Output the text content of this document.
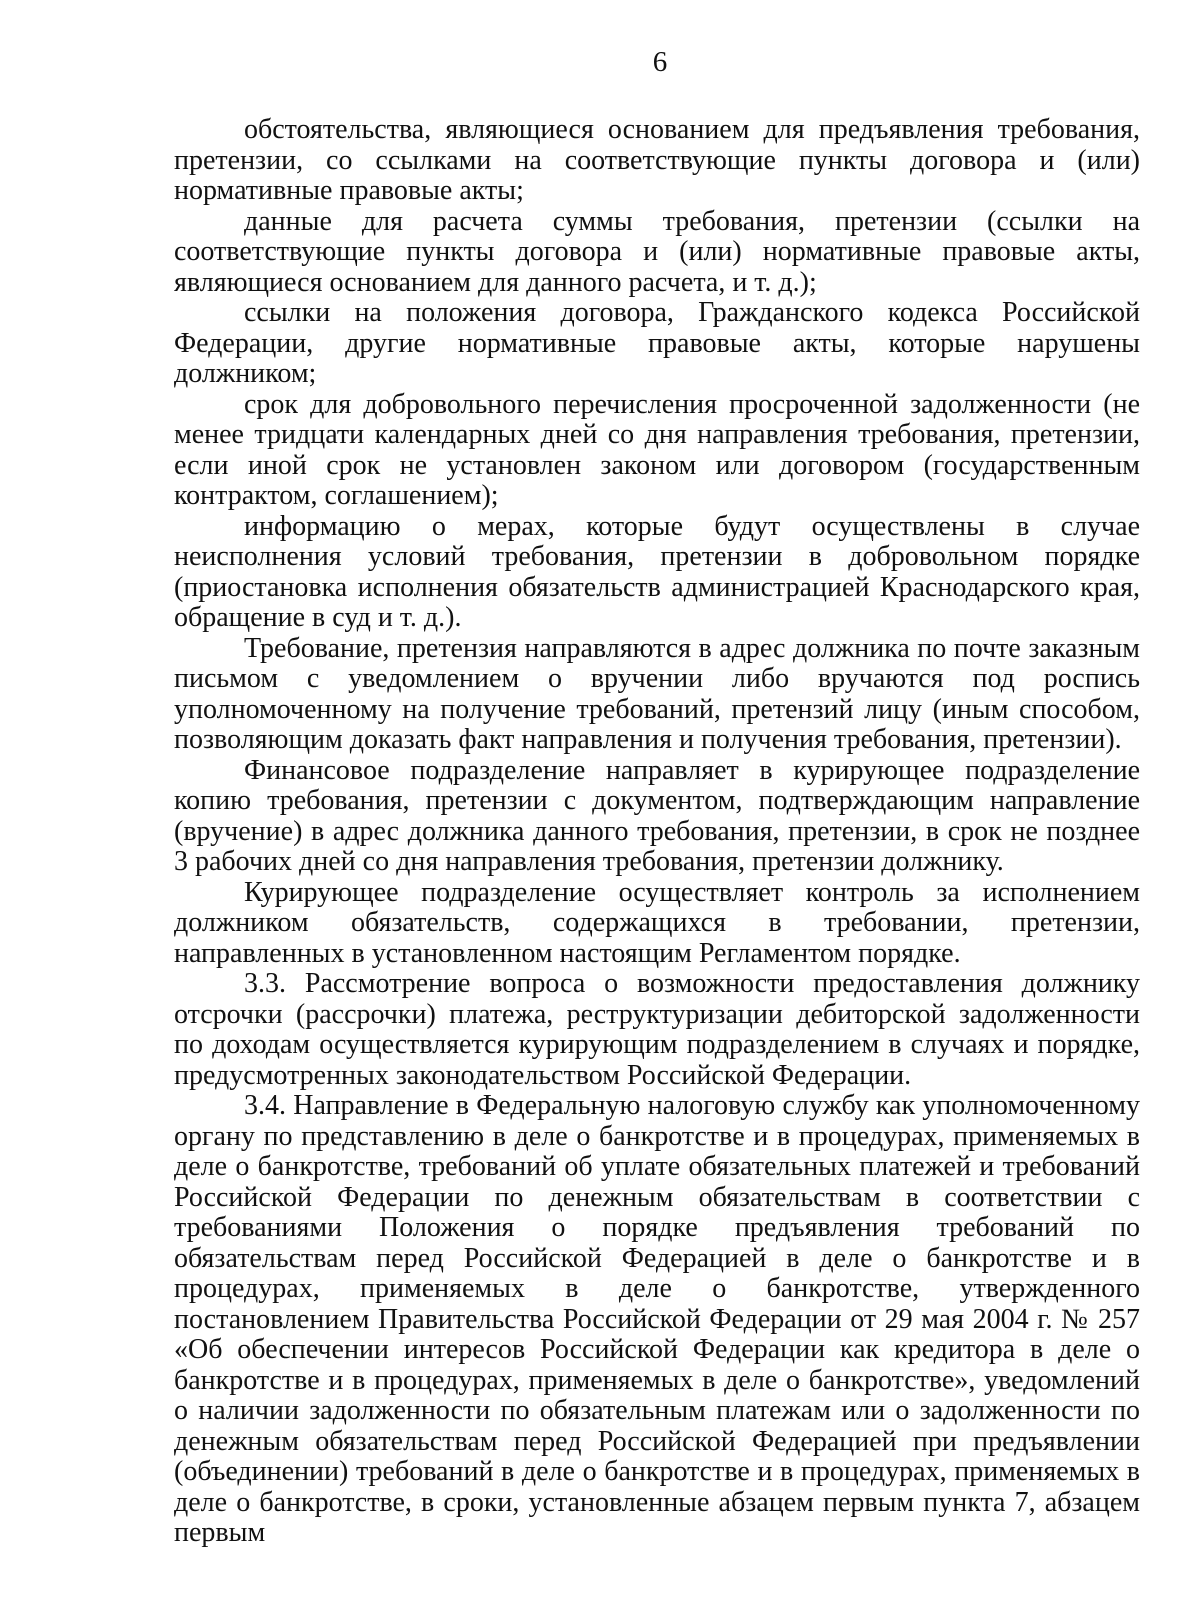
6

обстоятельства, являющиеся основанием для предъявления требования, претензии, со ссылками на соответствующие пункты договора и (или) нормативные правовые акты;

данные для расчета суммы требования, претензии (ссылки на соответствующие пункты договора и (или) нормативные правовые акты, являющиеся основанием для данного расчета, и т. д.);

ссылки на положения договора, Гражданского кодекса Российской Федерации, другие нормативные правовые акты, которые нарушены должником;

срок для добровольного перечисления просроченной задолженности (не менее тридцати календарных дней со дня направления требования, претензии, если иной срок не установлен законом или договором (государственным контрактом, соглашением);

информацию о мерах, которые будут осуществлены в случае неисполнения условий требования, претензии в добровольном порядке (приостановка исполнения обязательств администрацией Краснодарского края, обращение в суд и т. д.).

Требование, претензия направляются в адрес должника по почте заказным письмом с уведомлением о вручении либо вручаются под роспись уполномоченному на получение требований, претензий лицу (иным способом, позволяющим доказать факт направления и получения требования, претензии).

Финансовое подразделение направляет в курирующее подразделение копию требования, претензии с документом, подтверждающим направление (вручение) в адрес должника данного требования, претензии, в срок не позднее 3 рабочих дней со дня направления требования, претензии должнику.

Курирующее подразделение осуществляет контроль за исполнением должником обязательств, содержащихся в требовании, претензии, направленных в установленном настоящим Регламентом порядке.

3.3. Рассмотрение вопроса о возможности предоставления должнику отсрочки (рассрочки) платежа, реструктуризации дебиторской задолженности по доходам осуществляется курирующим подразделением в случаях и порядке, предусмотренных законодательством Российской Федерации.

3.4. Направление в Федеральную налоговую службу как уполномоченному органу по представлению в деле о банкротстве и в процедурах, применяемых в деле о банкротстве, требований об уплате обязательных платежей и требований Российской Федерации по денежным обязательствам в соответствии с требованиями Положения о порядке предъявления требований по обязательствам перед Российской Федерацией в деле о банкротстве и в процедурах, применяемых в деле о банкротстве, утвержденного постановлением Правительства Российской Федерации от 29 мая 2004 г. № 257 «Об обеспечении интересов Российской Федерации как кредитора в деле о банкротстве и в процедурах, применяемых в деле о банкротстве», уведомлений о наличии задолженности по обязательным платежам или о задолженности по денежным обязательствам перед Российской Федерацией при предъявлении (объединении) требований в деле о банкротстве и в процедурах, применяемых в деле о банкротстве, в сроки, установленные абзацем первым пункта 7, абзацем первым
